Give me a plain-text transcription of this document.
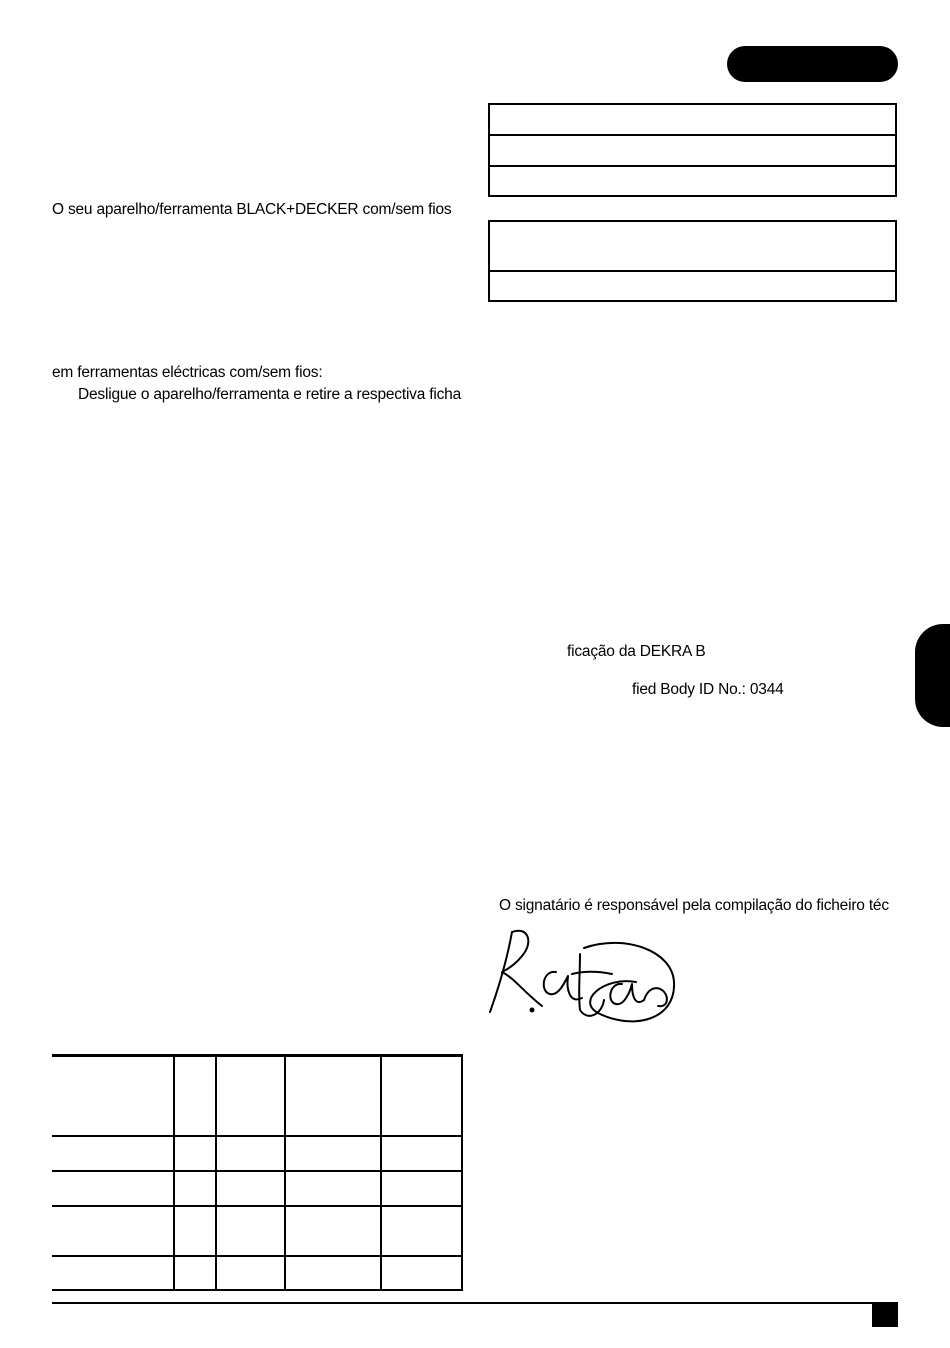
O seu aparelho/ferramenta BLACK+DECKER com/sem fios
em ferramentas eléctricas com/sem fios:
Desligue o aparelho/ferramenta e retire a respectiva ficha
ficação da DEKRA B
fied Body ID No.: 0344
O signatário é responsável pela compilação do ficheiro téc
